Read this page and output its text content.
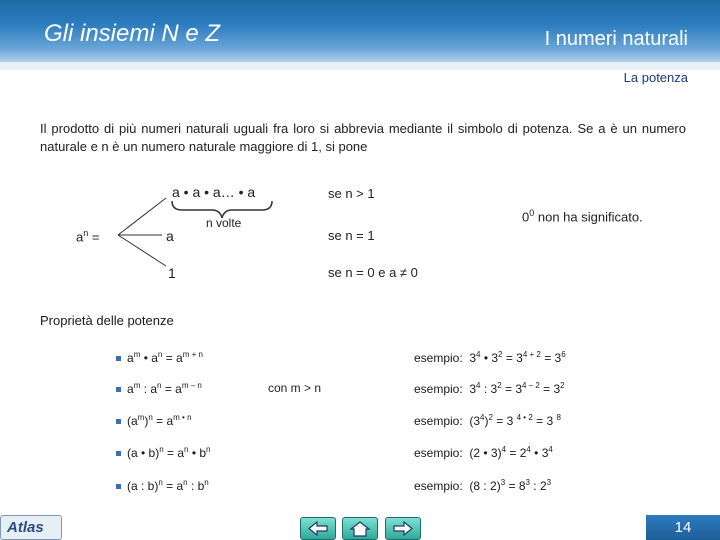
Gli insiemi N e Z	I numeri naturali
La potenza
Il prodotto di più numeri naturali uguali fra loro si abbrevia mediante il simbolo di potenza. Se a è un numero naturale e n è un numero naturale maggiore di 1, si pone
$a^n$ =
a • a • a… • a	se n > 1
n volte
a	se n = 1
1	se n = 0 e a ≠ 0
$0^0$ non ha significato.
Proprietà delle potenze
$a^m$ • $a^n = a^{m + n}$	esempio:  $3^4$ • $3^2 = 3^{4 + 2} = 3^6$
$a^m$ : $a^n = a^{m - n}$	con m > n	esempio:  $3^4$ : $3^2 = 3^{4 - 2} = 3^2$
$(a^m)^n = a^{m • n}$	esempio:  $(3^4)^2 = 3$ $^{4 • 2}$ = 3 $^8$
(a • $b)^n = a^n$ • $b^n$	esempio:  (2 • $3)^4 = 2^4$ • $3^4$
(a : $b)^n = a^n$ : $b^n$	esempio:  (8 : $2)^3 = 8^3$ : $2^3$
Atlas	14
